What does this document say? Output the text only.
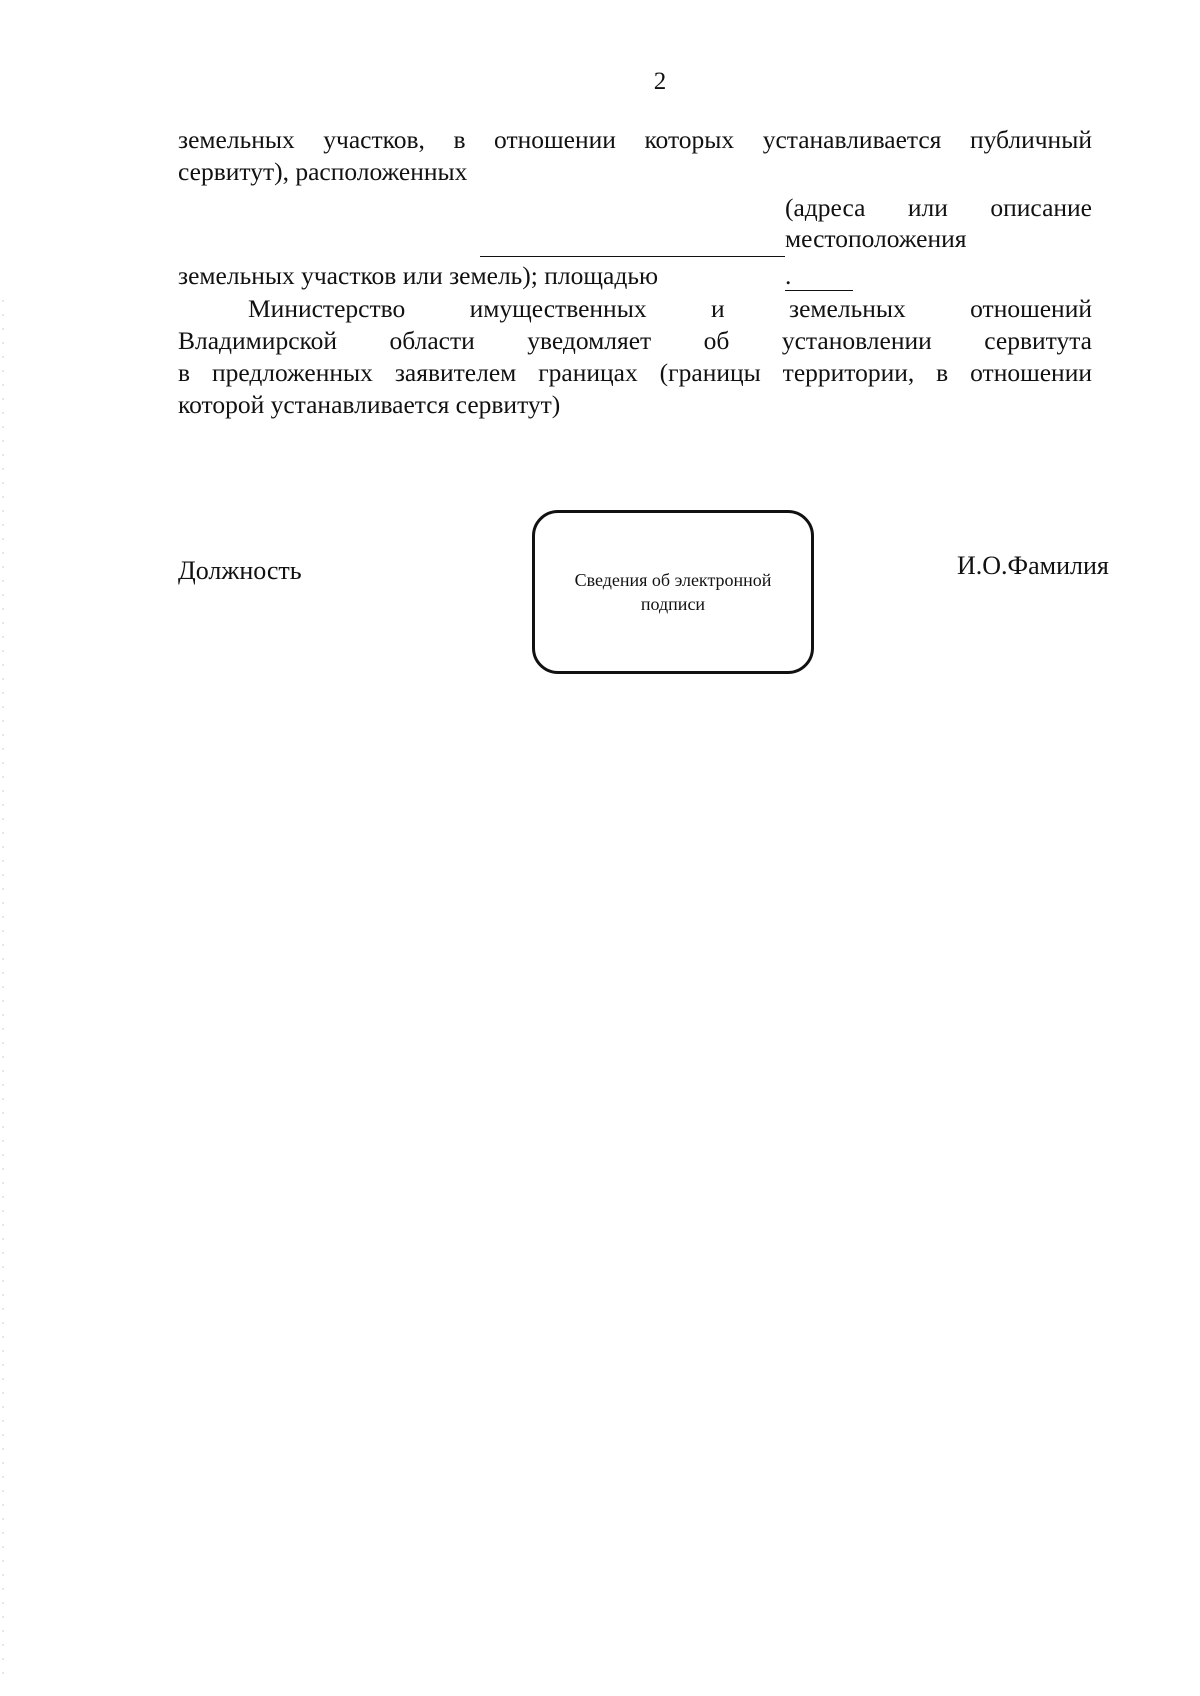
2
земельных участков, в отношении которых устанавливается публичный
сервитут), расположенных
(адреса или описание
местоположения
земельных участков или земель); площадью	.
Министерство имущественных и земельных отношений
Владимирской области уведомляет об установлении сервитута
в предложенных заявителем границах (границы территории, в отношении
которой устанавливается сервитут)
Должность	Сведения об электронной подписи
И.О.Фамилия
